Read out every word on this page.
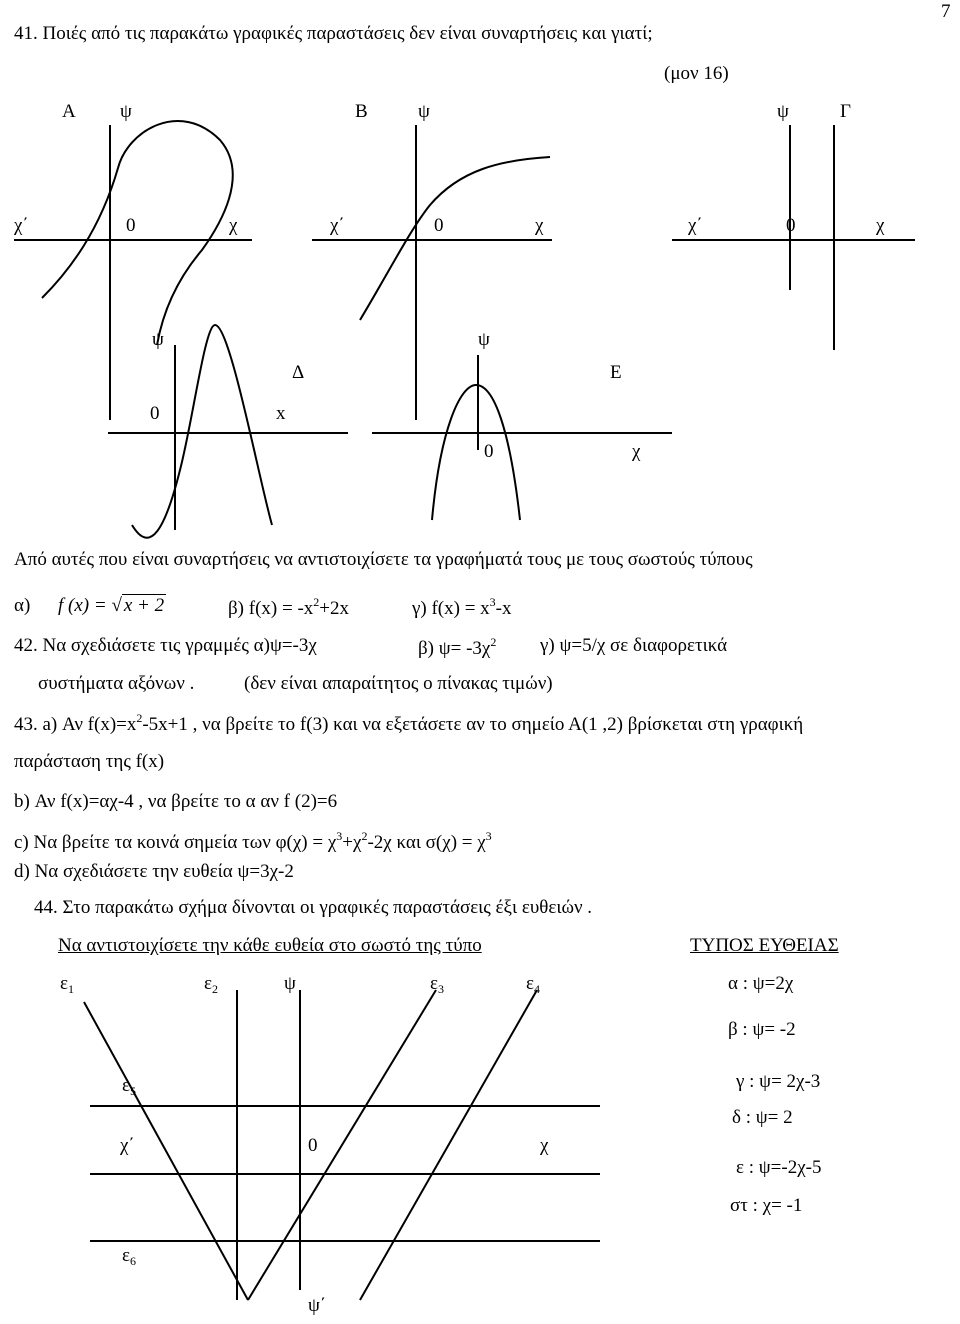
7
41. Ποιές από τις παρακάτω γραφικές παραστάσεις δεν είναι συναρτήσεις και γιατί;
(μον 16)
Α ψ
χ΄	0	χ
Β	ψ
χ΄	0	χ
ψ	Γ
χ΄	0	χ
ψ
Δ
0	x
ψ
Ε
0	χ
Από αυτές που είναι συναρτήσεις να αντιστοιχίσετε τα γραφήματά τους με τους σωστούς τύπους
α) f (x) = √ x + 2	β) $f(x) = -x^2+2x$	γ) $f(x) = x^3-x$
42. Να σχεδιάσετε τις γραμμές α)ψ=-3χ	β) $\psi= -3\chi^2$ γ) ψ=5/χ σε διαφορετικά
συστήματα αξόνων .	(δεν είναι απαραίτητος ο πίνακας τιμών)
43. a) Αν $f(x)=x^2-5x+1$ , να βρείτε το f(3) και να εξετάσετε αν το σημείο Α(1 ,2) βρίσκεται στη γραφική
παράσταση της f(x)
b) Αν f(x)=αχ-4 , να βρείτε το α αν f (2)=6
c) Να βρείτε τα κοινά σημεία των $\varphi(\chi) = \chi^3+\chi^2-2\chi$ και $\sigma(\chi) = \chi^3$
d) Να σχεδιάσετε την ευθεία ψ=3χ-2
44. Στο παρακάτω σχήμα δίνονται οι γραφικές παραστάσεις έξι ευθειών .
Να αντιστοιχίσετε την κάθε ευθεία στο σωστό της τύπο	ΤΥΠΟΣ ΕΥΘΕΙΑΣ
$\varepsilon_1$	$\varepsilon_2$	ψ	$\varepsilon_3$	$\varepsilon_4$
$\varepsilon_5$
χ΄	0	χ
$\varepsilon_6$
ψ΄
α : ψ=2χ
β : ψ= -2
γ : ψ= 2χ-3
δ : ψ= 2
ε : ψ=-2χ-5
στ : χ= -1
